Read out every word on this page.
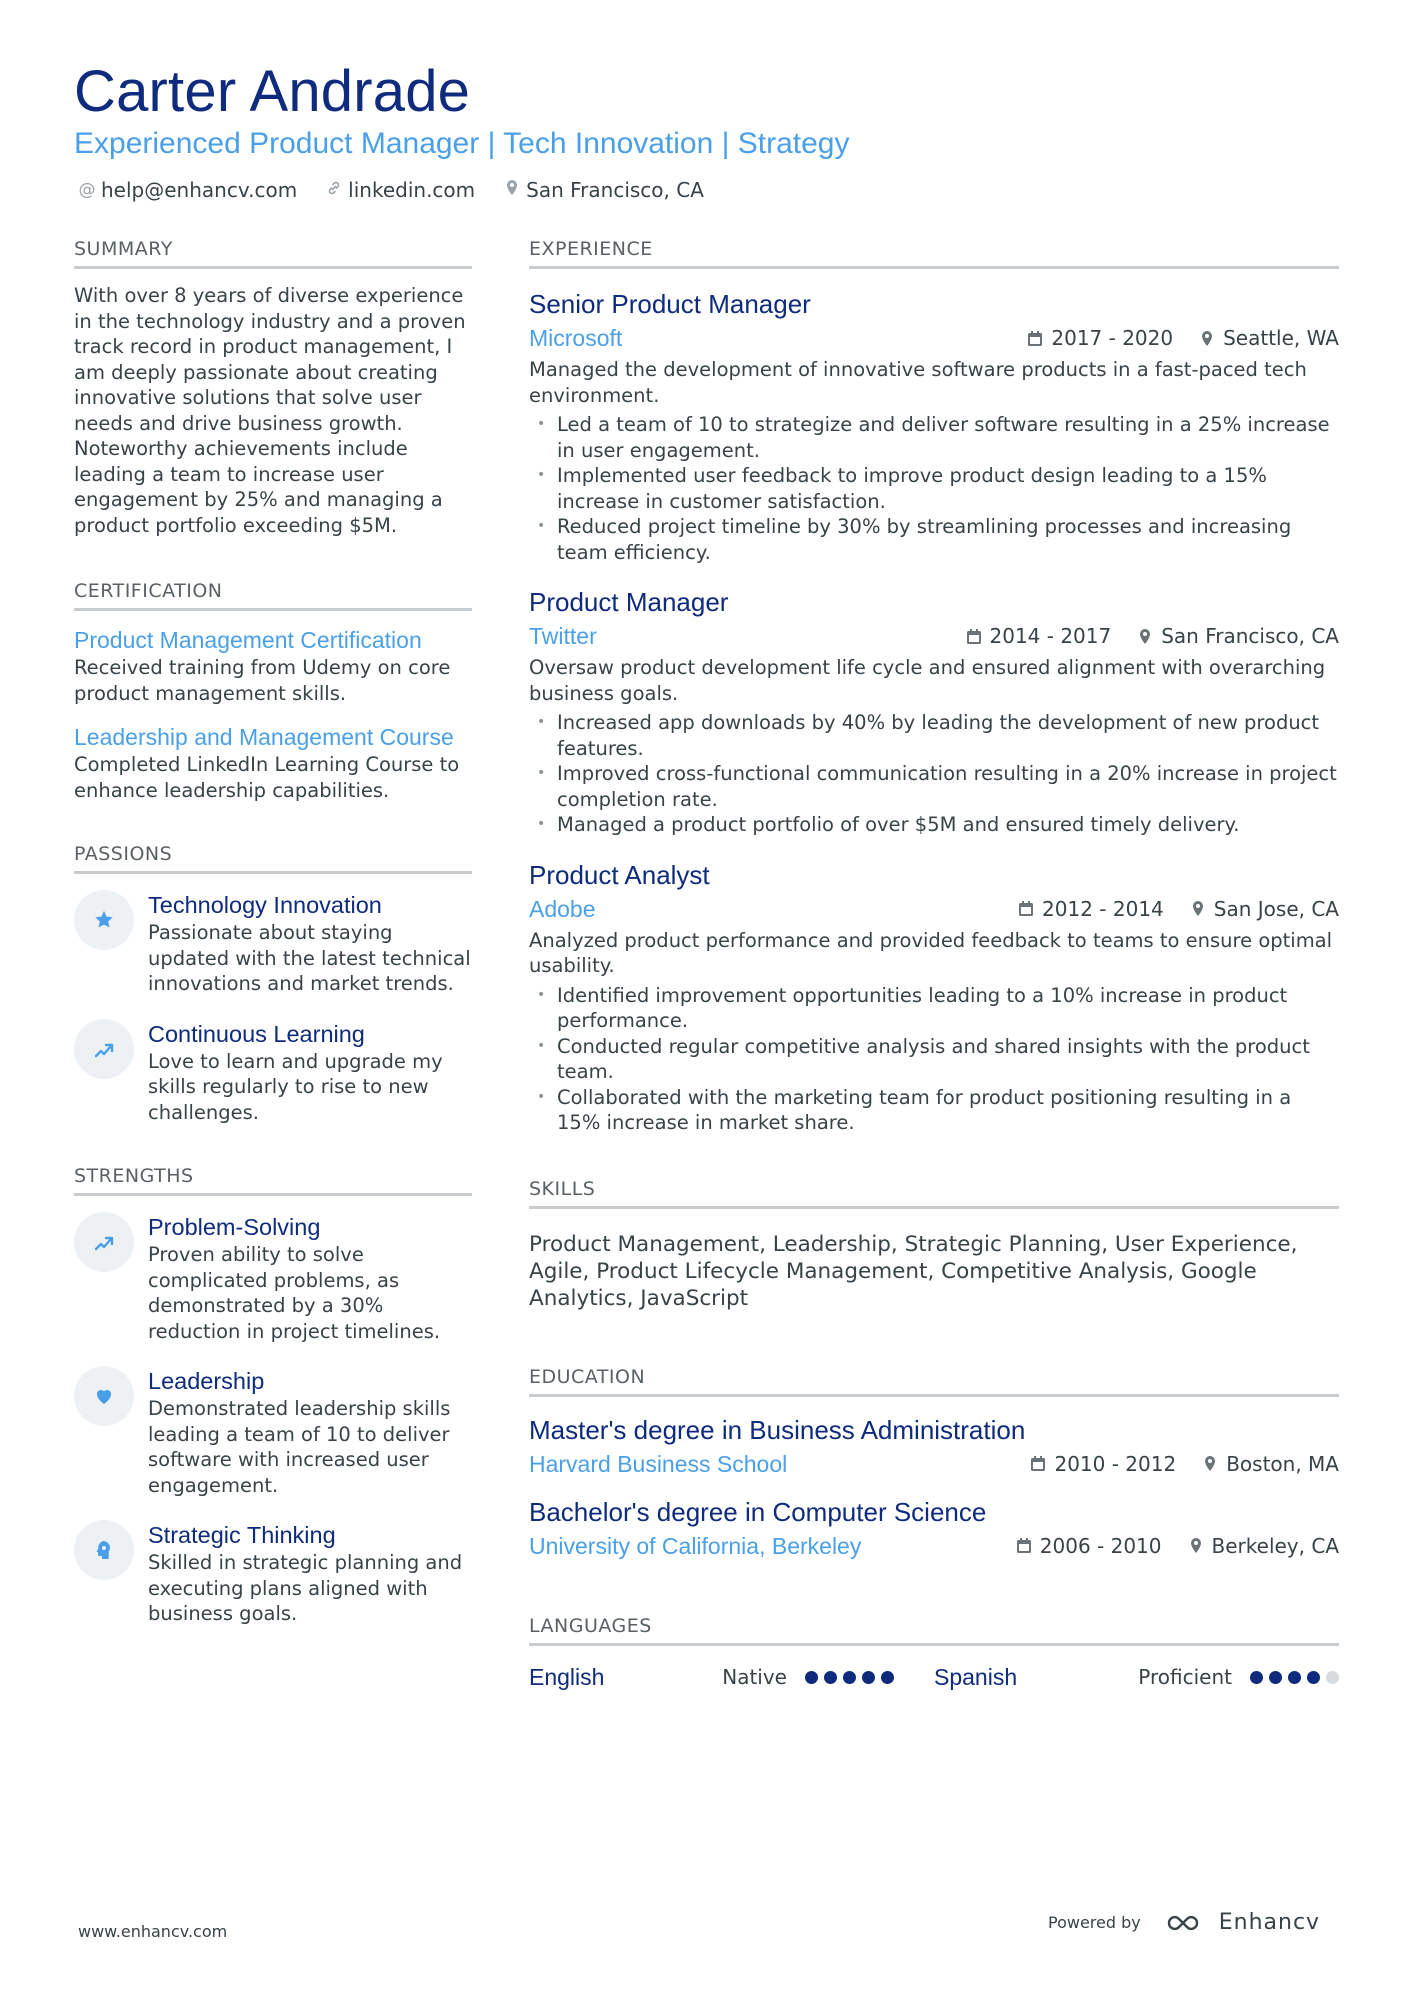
Carter Andrade
Experienced Product Manager | Tech Innovation | Strategy
@ help@enhancv.com	linkedin.com	San Francisco, CA
SUMMARY
With over 8 years of diverse experience in the technology industry and a proven track record in product management, I am deeply passionate about creating innovative solutions that solve user needs and drive business growth. Noteworthy achievements include leading a team to increase user engagement by 25% and managing a product portfolio exceeding $5M.
CERTIFICATION
Product Management Certification
Received training from Udemy on core product management skills.
Leadership and Management Course
Completed LinkedIn Learning Course to enhance leadership capabilities.
PASSIONS
Technology Innovation
Passionate about staying updated with the latest technical innovations and market trends.
Continuous Learning
Love to learn and upgrade my skills regularly to rise to new challenges.
STRENGTHS
Problem-Solving
Proven ability to solve complicated problems, as demonstrated by a 30% reduction in project timelines.
Leadership
Demonstrated leadership skills leading a team of 10 to deliver software with increased user engagement.
Strategic Thinking
Skilled in strategic planning and executing plans aligned with business goals.
EXPERIENCE
Senior Product Manager
Microsoft	2017 - 2020	Seattle, WA
Managed the development of innovative software products in a fast-paced tech environment.
• Led a team of 10 to strategize and deliver software resulting in a 25% increase in user engagement.
• Implemented user feedback to improve product design leading to a 15% increase in customer satisfaction.
• Reduced project timeline by 30% by streamlining processes and increasing team efficiency.
Product Manager
Twitter	2014 - 2017	San Francisco, CA
Oversaw product development life cycle and ensured alignment with overarching business goals.
• Increased app downloads by 40% by leading the development of new product features.
• Improved cross-functional communication resulting in a 20% increase in project completion rate.
• Managed a product portfolio of over $5M and ensured timely delivery.
Product Analyst
Adobe	2012 - 2014	San Jose, CA
Analyzed product performance and provided feedback to teams to ensure optimal usability.
• Identified improvement opportunities leading to a 10% increase in product performance.
• Conducted regular competitive analysis and shared insights with the product team.
• Collaborated with the marketing team for product positioning resulting in a 15% increase in market share.
SKILLS
Product Management, Leadership, Strategic Planning, User Experience, Agile, Product Lifecycle Management, Competitive Analysis, Google Analytics, JavaScript
EDUCATION
Master's degree in Business Administration
Harvard Business School	2010 - 2012	Boston, MA
Bachelor's degree in Computer Science
University of California, Berkeley	2006 - 2010	Berkeley, CA
LANGUAGES
English	Native	Spanish	Proficient
www.enhancv.com	Powered by	Enhancv
